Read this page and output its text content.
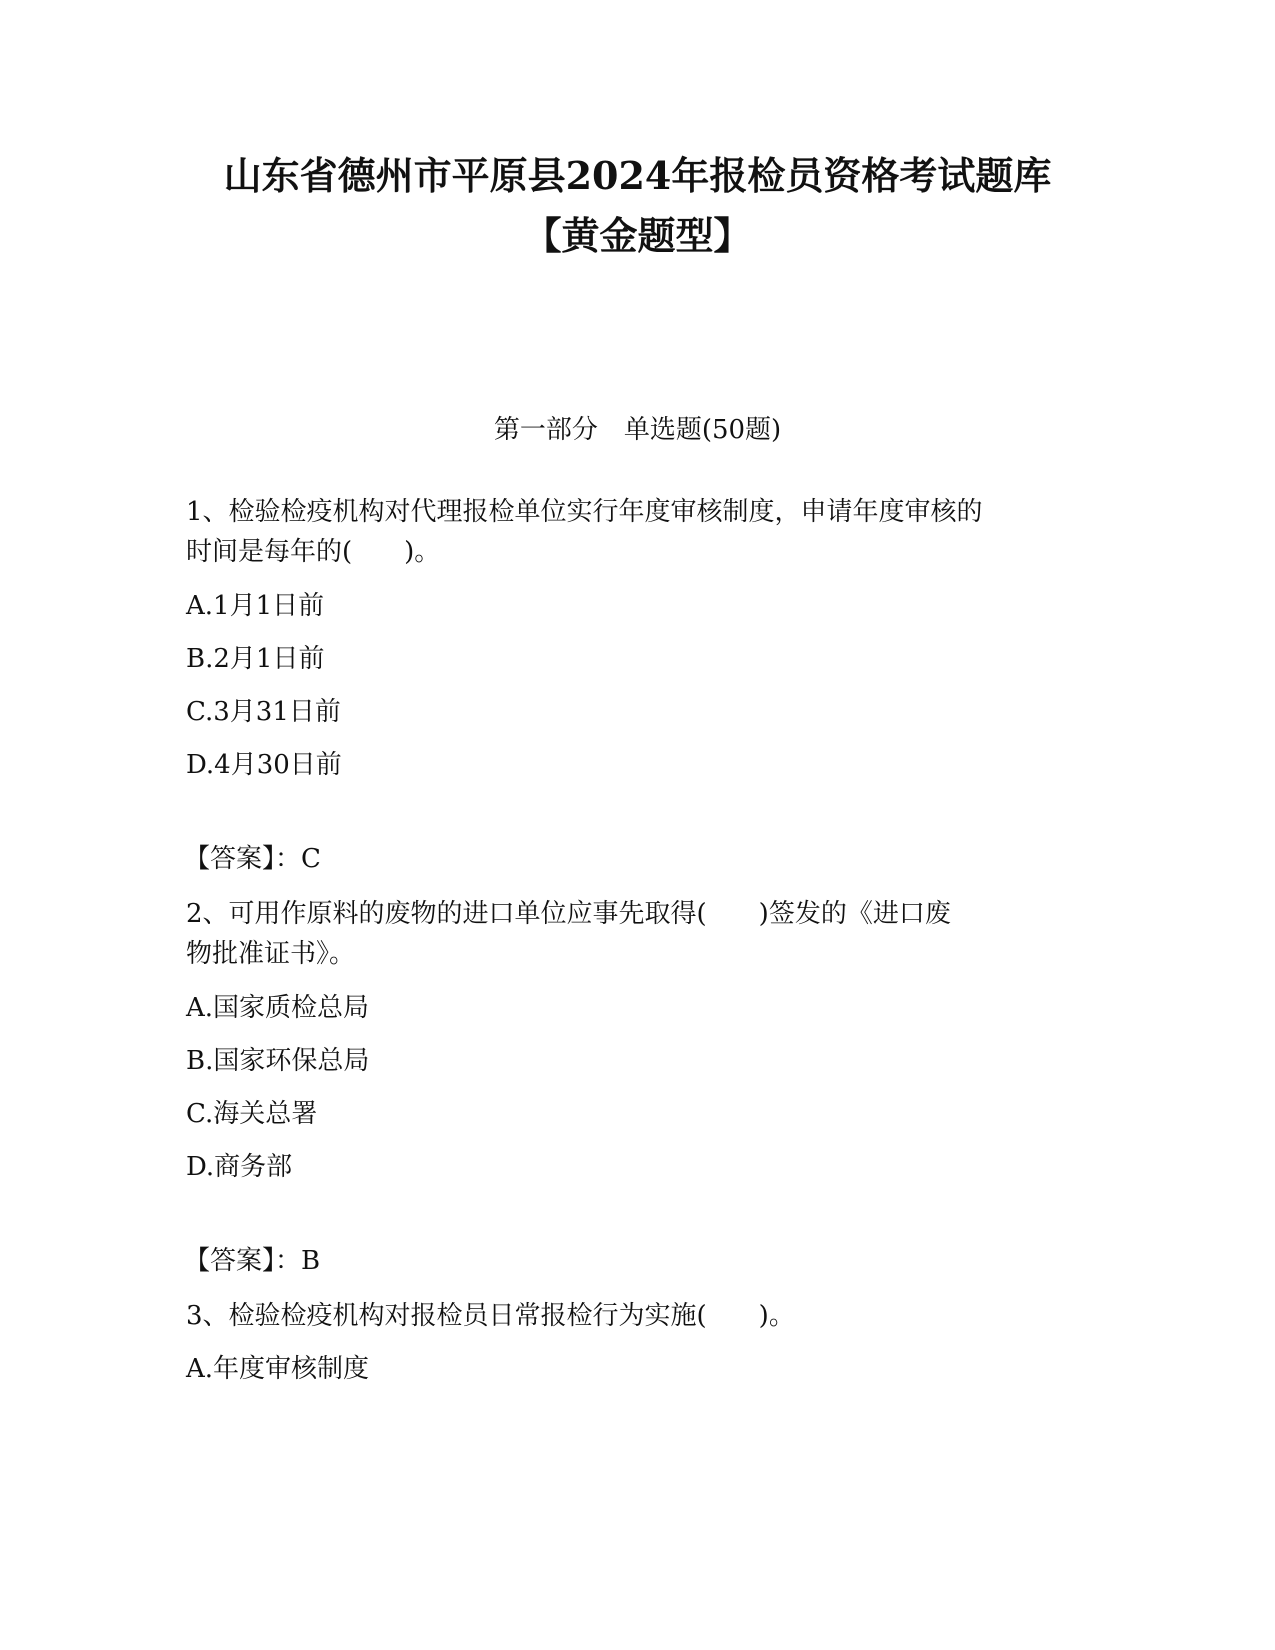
山东省德州市平原县2024年报检员资格考试题库
【黄金题型】
第一部分　单选题(50题)
1、检验检疫机构对代理报检单位实行年度审核制度，申请年度审核的
时间是每年的(　　)。
A.1月1日前
B.2月1日前
C.3月31日前
D.4月30日前
【答案】：C
2、可用作原料的废物的进口单位应事先取得(　　)签发的《进口废
物批准证书》。
A.国家质检总局
B.国家环保总局
C.海关总署
D.商务部
【答案】：B
3、检验检疫机构对报检员日常报检行为实施(　　)。
A.年度审核制度
